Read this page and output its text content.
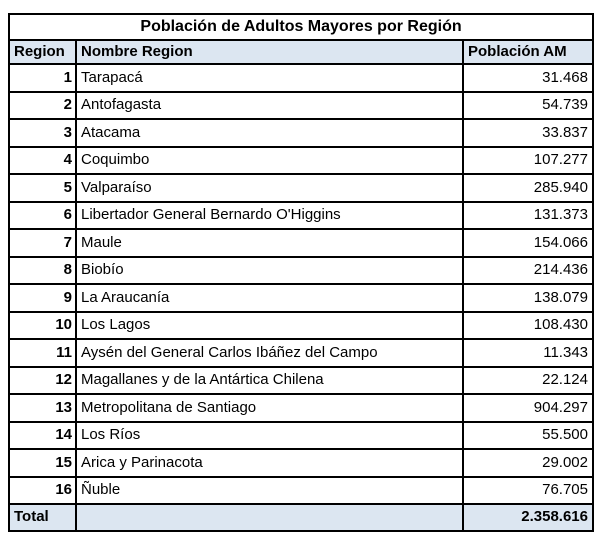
Población de Adultos Mayores por Región		
Region	Nombre Region	Población AM
1	Tarapacá	31.468
2	Antofagasta	54.739
3	Atacama	33.837
4	Coquimbo	107.277
5	Valparaíso	285.940
6	Libertador General Bernardo O'Higgins	131.373
7	Maule	154.066
8	Biobío	214.436
9	La Araucanía	138.079
10	Los Lagos	108.430
11	Aysén del General Carlos Ibáñez del Campo	11.343
12	Magallanes y de la Antártica Chilena	22.124
13	Metropolitana de Santiago	904.297
14	Los Ríos	55.500
15	Arica y Parinacota	29.002
16	Ñuble	76.705
Total		2.358.616
